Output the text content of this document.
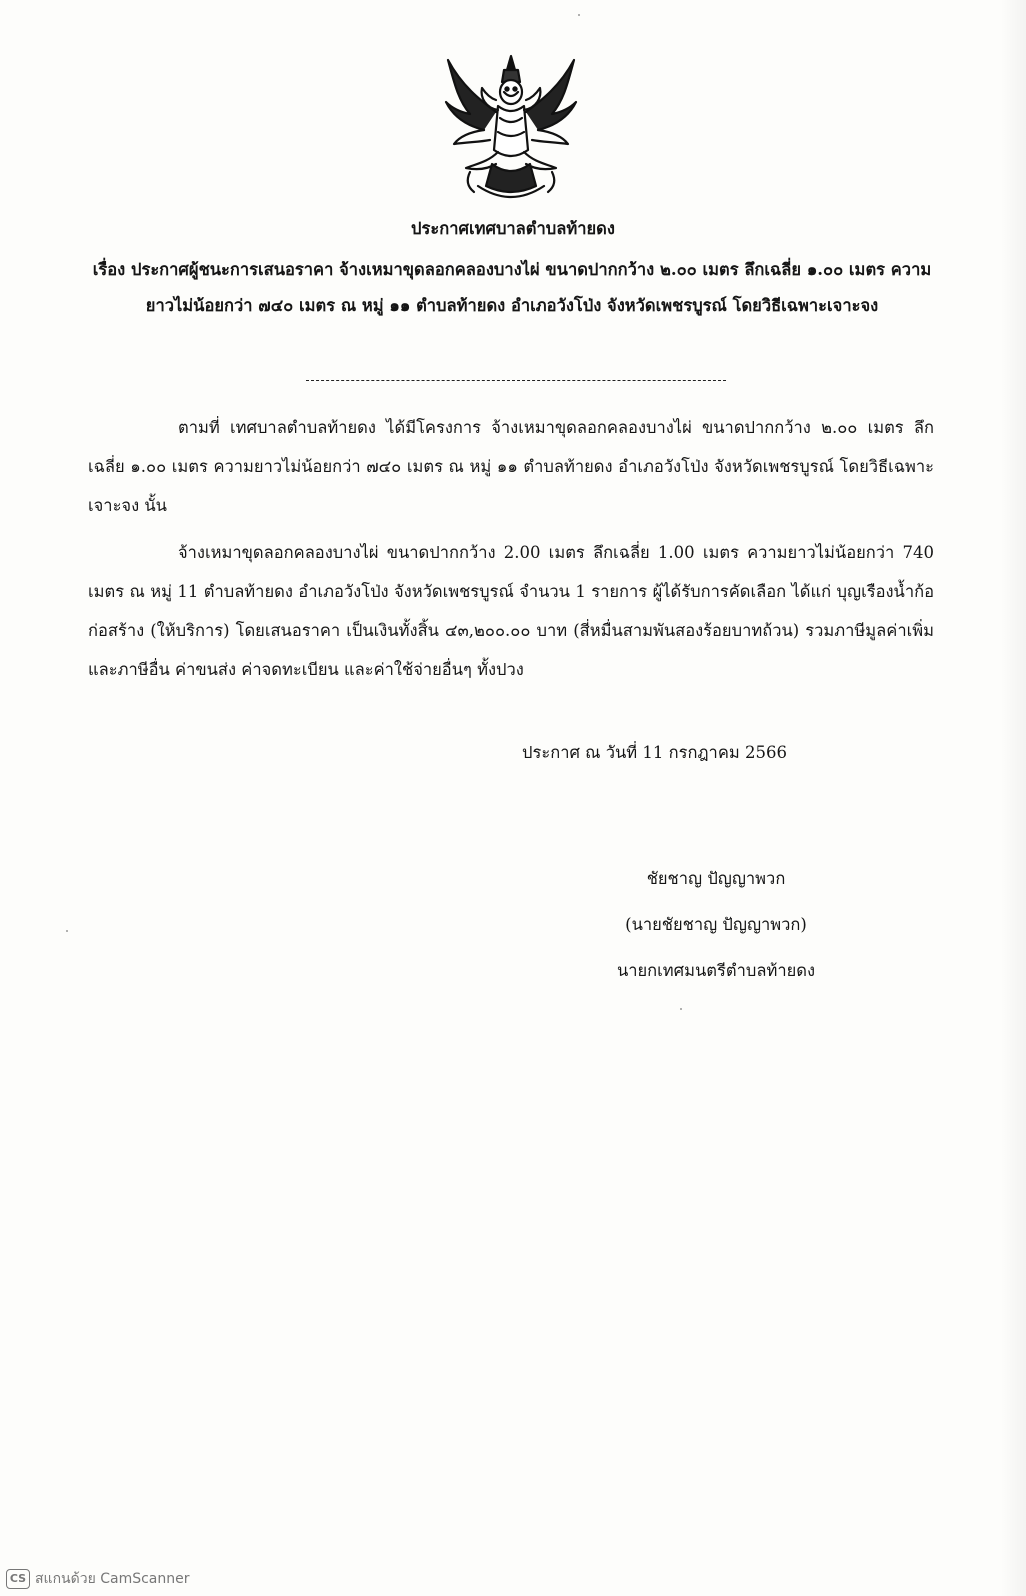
ประกาศเทศบาลตำบลท้ายดง

เรื่อง ประกาศผู้ชนะการเสนอราคา จ้างเหมาขุดลอกคลองบางไผ่ ขนาดปากกว้าง ๒.๐๐ เมตร ลึกเฉลี่ย ๑.๐๐ เมตร ความยาวไม่น้อยกว่า ๗๔๐ เมตร ณ หมู่ ๑๑ ตำบลท้ายดง อำเภอวังโป่ง จังหวัดเพชรบูรณ์ โดยวิธีเฉพาะเจาะจง

ตามที่ เทศบาลตำบลท้ายดง ได้มีโครงการ จ้างเหมาขุดลอกคลองบางไผ่ ขนาดปากกว้าง ๒.๐๐ เมตร ลึกเฉลี่ย ๑.๐๐ เมตร ความยาวไม่น้อยกว่า ๗๔๐ เมตร ณ หมู่ ๑๑ ตำบลท้ายดง อำเภอวังโป่ง จังหวัดเพชรบูรณ์ โดยวิธีเฉพาะเจาะจง นั้น

จ้างเหมาขุดลอกคลองบางไผ่ ขนาดปากกว้าง 2.00 เมตร ลึกเฉลี่ย 1.00 เมตร ความยาวไม่น้อยกว่า 740 เมตร ณ หมู่ 11 ตำบลท้ายดง อำเภอวังโป่ง จังหวัดเพชรบูรณ์ จำนวน 1 รายการ ผู้ได้รับการคัดเลือก ได้แก่ บุญเรืองน้ำก้อ ก่อสร้าง (ให้บริการ) โดยเสนอราคา เป็นเงินทั้งสิ้น ๔๓,๒๐๐.๐๐ บาท (สี่หมื่นสามพันสองร้อยบาทถ้วน) รวมภาษีมูลค่าเพิ่มและภาษีอื่น ค่าขนส่ง ค่าจดทะเบียน และค่าใช้จ่ายอื่นๆ ทั้งปวง

ประกาศ ณ วันที่ 11 กรกฎาคม 2566
ชัยชาญ ปัญญาพวก
(นายชัยชาญ ปัญญาพวก)
นายกเทศมนตรีตำบลท้ายดง
CS สแกนด้วย CamScanner
